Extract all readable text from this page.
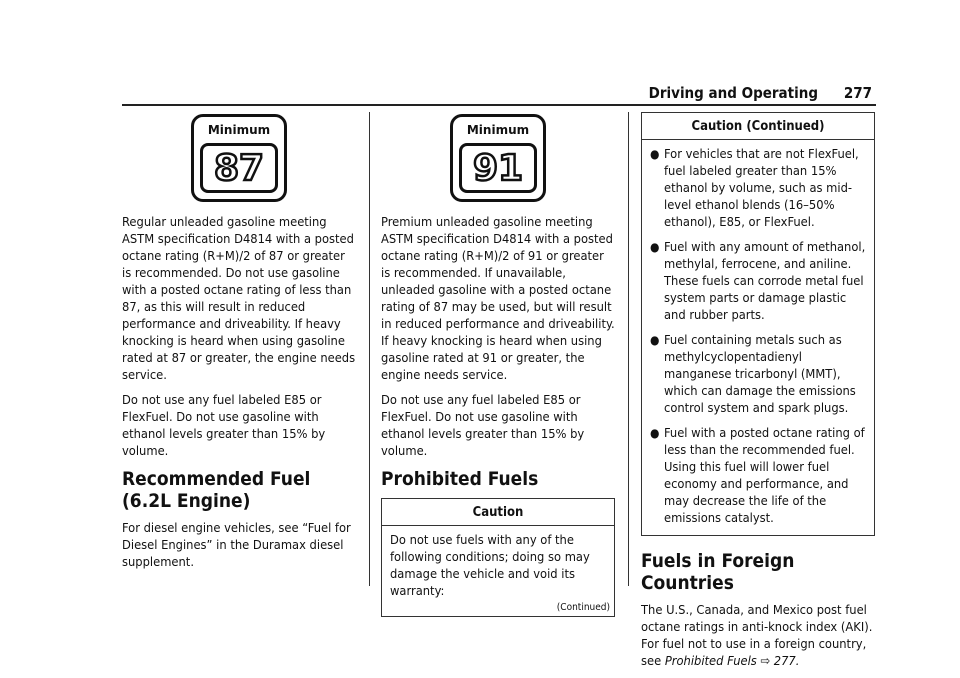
Driving and Operating 277
Minimum
87

Regular unleaded gasoline meeting ASTM specification D4814 with a posted octane rating (R+M)/2 of 87 or greater is recommended. Do not use gasoline with a posted octane rating of less than 87, as this will result in reduced performance and driveability. If heavy knocking is heard when using gasoline rated at 87 or greater, the engine needs service.

Do not use any fuel labeled E85 or FlexFuel. Do not use gasoline with ethanol levels greater than 15% by volume.

Recommended Fuel (6.2L Engine)

For diesel engine vehicles, see “Fuel for Diesel Engines” in the Duramax diesel supplement.

Minimum
91

Premium unleaded gasoline meeting ASTM specification D4814 with a posted octane rating (R+M)/2 of 91 or greater is recommended. If unavailable, unleaded gasoline with a posted octane rating of 87 may be used, but will result in reduced performance and driveability. If heavy knocking is heard when using gasoline rated at 91 or greater, the engine needs service.

Do not use any fuel labeled E85 or FlexFuel. Do not use gasoline with ethanol levels greater than 15% by volume.

Prohibited Fuels
Caution
Do not use fuels with any of the following conditions; doing so may damage the vehicle and void its warranty:
(Continued)
Caution (Continued)
● For vehicles that are not FlexFuel, fuel labeled greater than 15% ethanol by volume, such as mid-level ethanol blends (16–50% ethanol), E85, or FlexFuel.
● Fuel with any amount of methanol, methylal, ferrocene, and aniline. These fuels can corrode metal fuel system parts or damage plastic and rubber parts.
● Fuel containing metals such as methylcyclopentadienyl manganese tricarbonyl (MMT), which can damage the emissions control system and spark plugs.
● Fuel with a posted octane rating of less than the recommended fuel. Using this fuel will lower fuel economy and performance, and may decrease the life of the emissions catalyst.
Fuels in Foreign Countries

The U.S., Canada, and Mexico post fuel octane ratings in anti-knock index (AKI). For fuel not to use in a foreign country, see Prohibited Fuels ⇨ 277.
